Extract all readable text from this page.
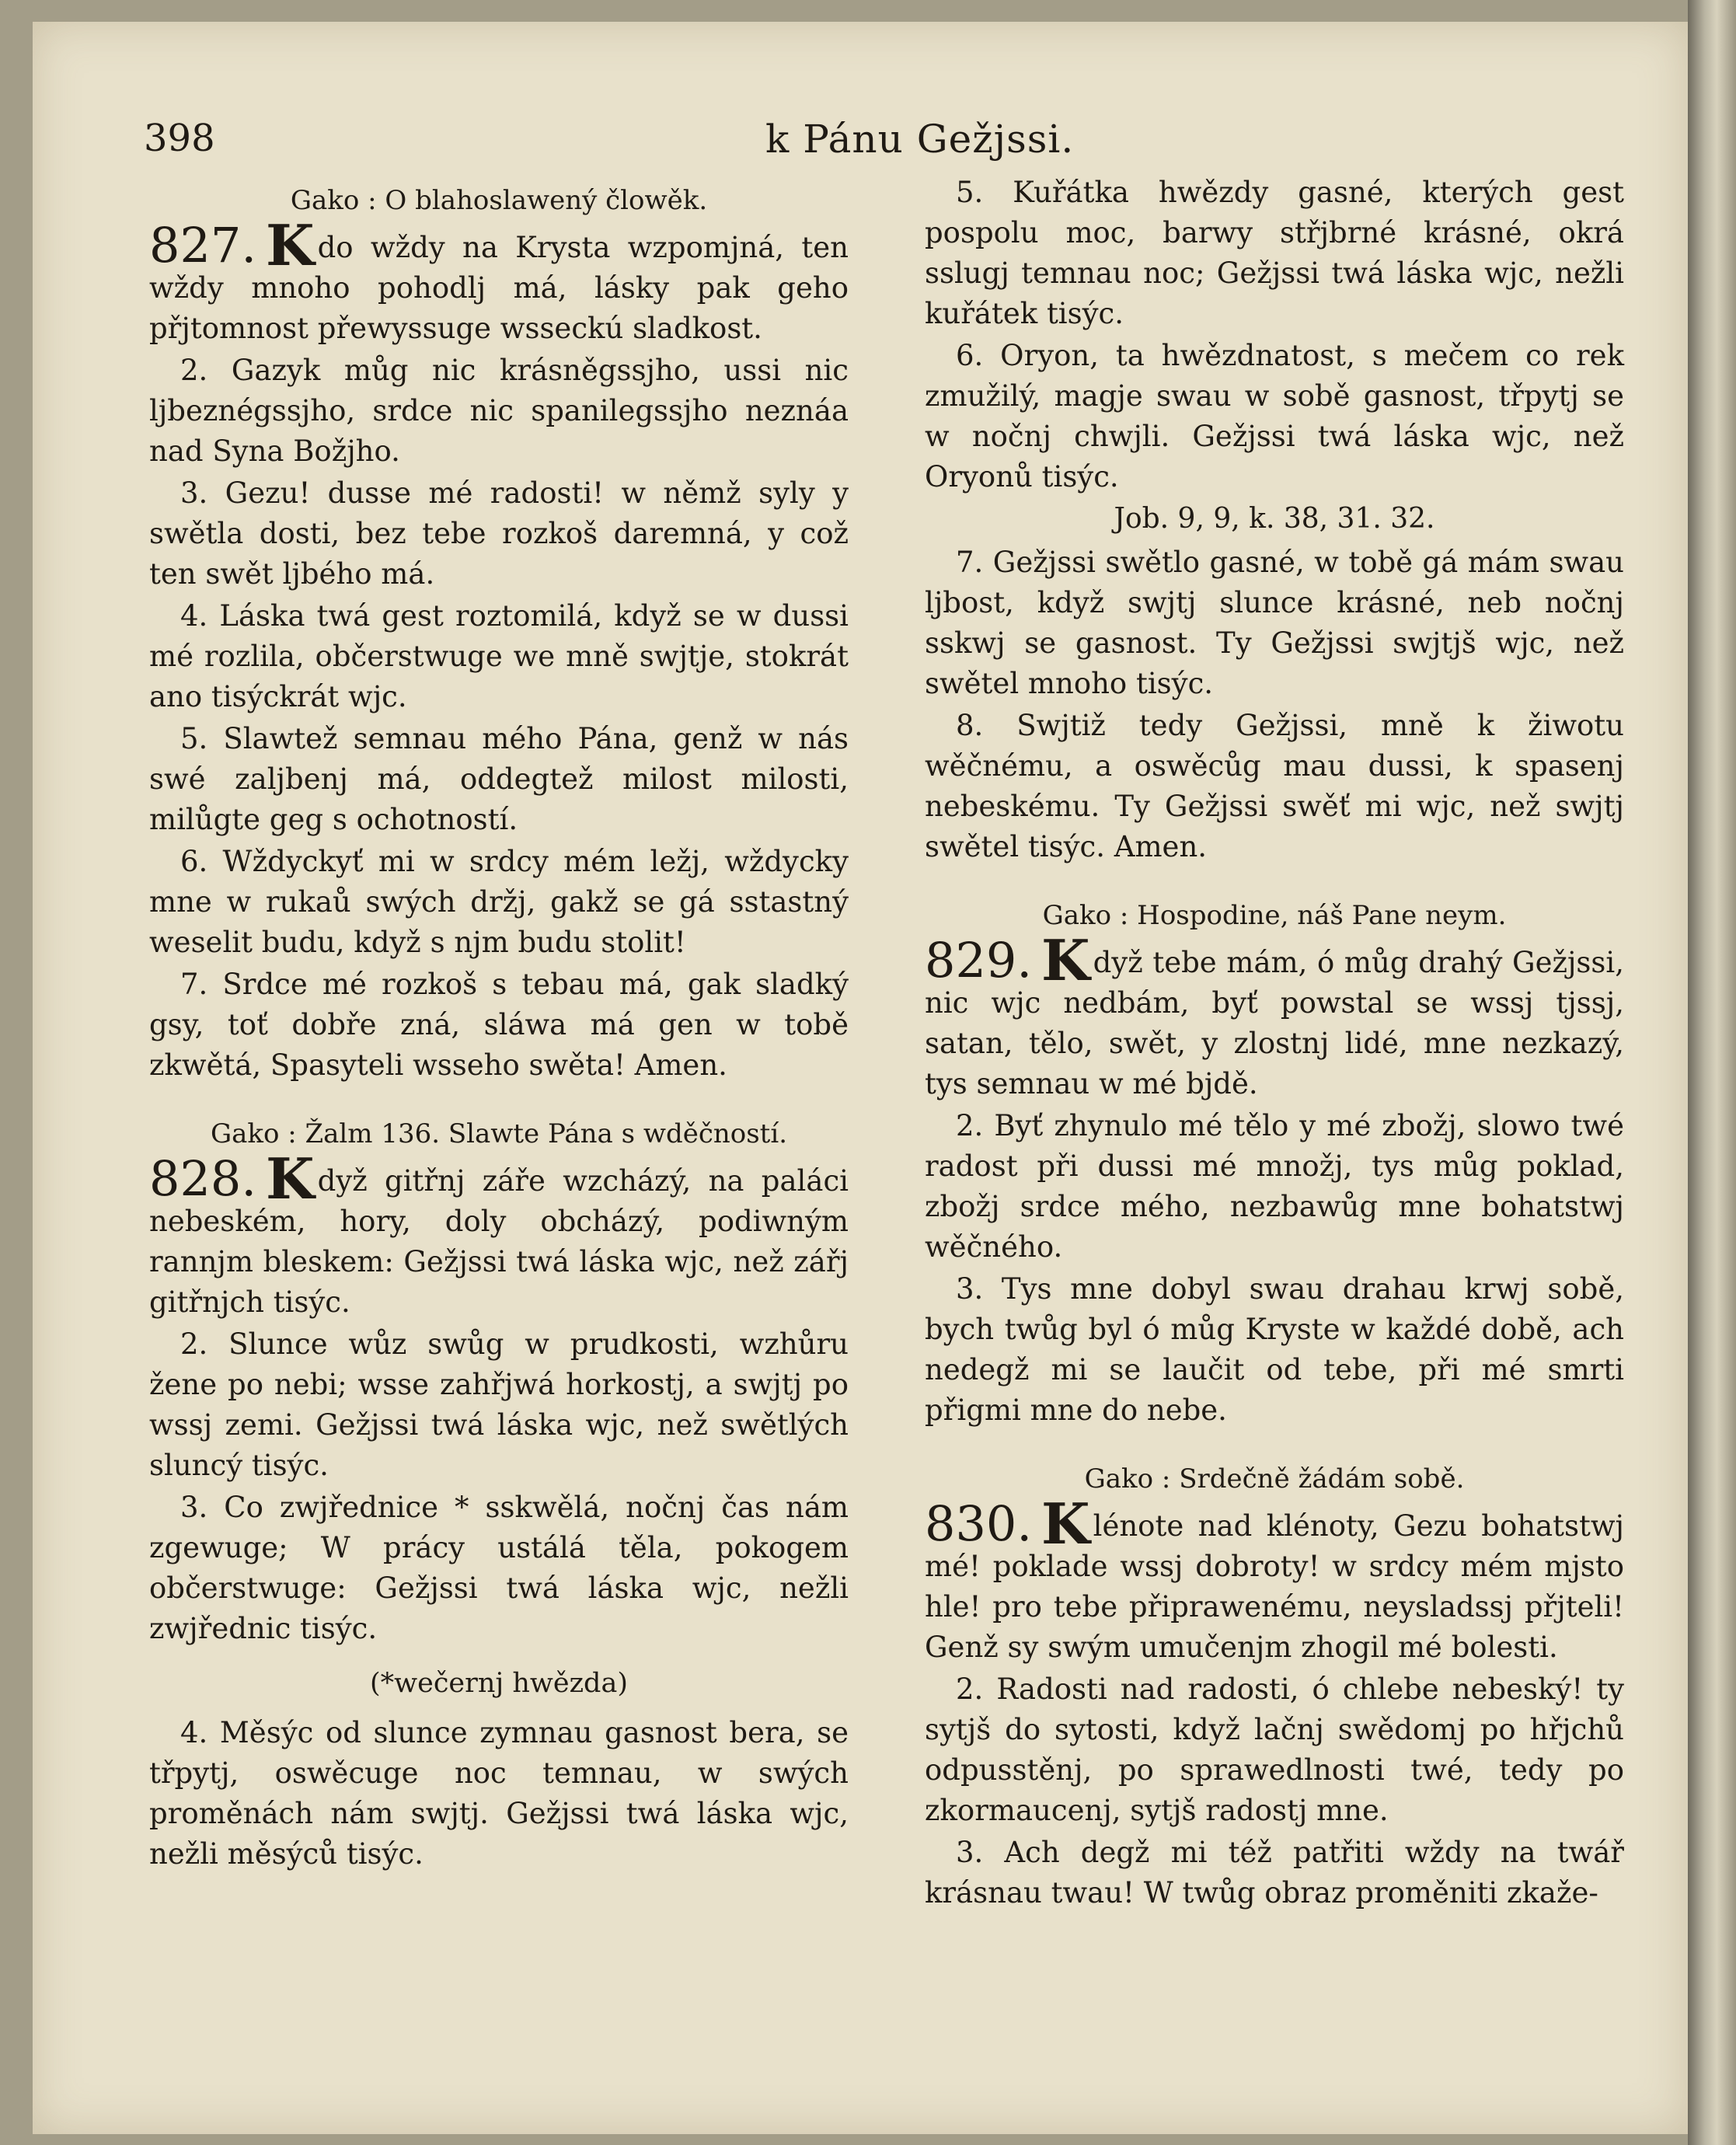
398	k Pánu Gežjssi.
Gako : O blahoslawený člowěk.

827. K do wždy na Krysta wzpomjná, ten wždy mnoho pohodlj má, lásky pak geho přjtomnost přewyssuge wsseckú sladkost.

2. Gazyk můg nic krásněgssjho, ussi nic ljbeznégssjho, srdce nic spanilegssjho neznáa nad Syna Božjho.

3. Gezu! dusse mé radosti! w němž syly y swětla dosti, bez tebe rozkoš daremná, y což ten swět ljbého má.

4. Láska twá gest roztomilá, když se w dussi mé rozlila, občerstwuge we mně swjtje, stokrát ano tisýckrát wjc.

5. Slawtež semnau mého Pána, genž w nás swé zaljbenj má, oddegtež milost milosti, milůgte geg s ochotností.

6. Wždyckyť mi w srdcy mém ležj, wždycky mne w rukaů swých držj, gakž se gá sstastný weselit budu, když s njm budu stolit!

7. Srdce mé rozkoš s tebau má, gak sladký gsy, toť dobře zná, sláwa má gen w tobě zkwětá, Spasyteli wsseho swěta! Amen.

Gako : Žalm 136. Slawte Pána s wděčností.

828. K dyž gitřnj záře wzcházý, na paláci nebeském, hory, doly obcházý, podiwným rannjm bleskem: Gežjssi twá láska wjc, než zářj gitřnjch tisýc.

2. Slunce wůz swůg w prudkosti, wzhůru žene po nebi; wsse zahřjwá horkostj, a swjtj po wssj zemi. Gežjssi twá láska wjc, než swětlých sluncý tisýc.

3. Co zwjřednice * sskwělá, nočnj čas nám zgewuge; W prácy ustálá těla, pokogem občerstwuge: Gežjssi twá láska wjc, nežli zwjřednic tisýc.

(*wečernj hwězda)

4. Měsýc od slunce zymnau gasnost bera, se třpytj, oswěcuge noc temnau, w swých proměnách nám swjtj. Gežjssi twá láska wjc, nežli měsýců tisýc.

5. Kuřátka hwězdy gasné, kterých gest pospolu moc, barwy střjbrné krásné, okrá sslugj temnau noc; Gežjssi twá láska wjc, nežli kuřátek tisýc.

6. Oryon, ta hwězdnatost, s mečem co rek zmužilý, magje swau w sobě gasnost, třpytj se w nočnj chwjli. Gežjssi twá láska wjc, než Oryonů tisýc.

Job. 9, 9, k. 38, 31. 32.

7. Gežjssi swětlo gasné, w tobě gá mám swau ljbost, když swjtj slunce krásné, neb nočnj sskwj se gasnost. Ty Gežjssi swjtjš wjc, než swětel mnoho tisýc.

8. Swjtiž tedy Gežjssi, mně k žiwotu wěčnému, a oswěcůg mau dussi, k spasenj nebeskému. Ty Gežjssi swěť mi wjc, než swjtj swětel tisýc. Amen.

Gako : Hospodine, náš Pane neym.

829. K dyž tebe mám, ó můg drahý Gežjssi, nic wjc nedbám, byť powstal se wssj tjssj, satan, tělo, swět, y zlostnj lidé, mne nezkazý, tys semnau w mé bjdě.

2. Byť zhynulo mé tělo y mé zbožj, slowo twé radost při dussi mé množj, tys můg poklad, zbožj srdce mého, nezbawůg mne bohatstwj wěčného.

3. Tys mne dobyl swau drahau krwj sobě, bych twůg byl ó můg Kryste w každé době, ach nedegž mi se laučit od tebe, při mé smrti přigmi mne do nebe.

Gako : Srdečně žádám sobě.

830. K lénote nad klénoty, Gezu bohatstwj mé! poklade wssj dobroty! w srdcy mém mjsto hle! pro tebe připrawenému, neysladssj přjteli! Genž sy swým umučenjm zhogil mé bolesti.

2. Radosti nad radosti, ó chlebe nebeský! ty sytjš do sytosti, když lačnj swědomj po hřjchů odpusstěnj, po sprawedlnosti twé, tedy po zkormaucenj, sytjš radostj mne.

3. Ach degž mi též patřiti wždy na twář krásnau twau! W twůg obraz proměniti zkaže-
